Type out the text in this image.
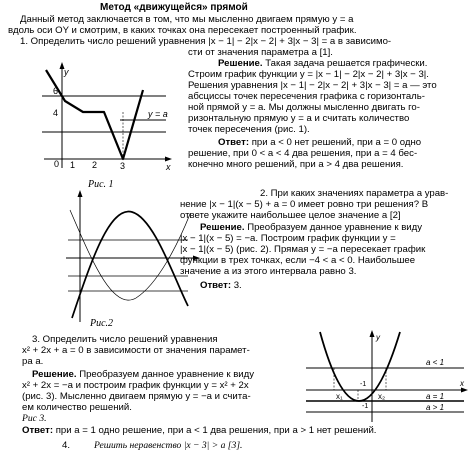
Метод «движущейся» прямой
Данный метод заключается в том, что мы мысленно двигаем прямую y = a
вдоль оси OY и смотрим, в каких точках она пересекает построенный график.
1. Определить число решений уравнения |x − 1| − 2|x − 2| + 3|x − 3| = a в зависимо-
сти от значения параметра a [1].
Решение. Такая задача решается графически.
Строим график функции y = |x − 1| − 2|x − 2| + 3|x − 3|.
Решения уравнения |x − 1| − 2|x − 2| + 3|x − 3| = a — это
абсциссы точек пересечения графика с горизонталь-
ной прямой y = a. Мы должны мысленно двигать го-
ризонтальную прямую y = a и считать количество
точек пересечения (рис. 1).
Ответ: при a < 0 нет решений, при a = 0 одно
решение, при 0 < a < 4 два решения, при a = 4 бес-
конечно много решений, при a > 4 два решения.
y
x
6
4
0 1 2	3
y = a
Рис. 1
Рис.2
2. При каких значениях параметра a урав-
нение |x − 1|(x − 5) + a = 0 имеет ровно три решения? В
ответе укажите наибольшее целое значение a [2]
Решение. Преобразуем данное уравнение к виду
|x − 1|(x − 5) = −a. Построим график функции y =
|x − 1|(x − 5) (рис. 2). Прямая y = −a пересекает график
функции в трех точках, если −4 < a < 0. Наибольшее
значение a из этого интервала равно 3.
Ответ: 3.
3. Определить число решений уравнения
x² + 2x + a = 0 в зависимости от значения парамет-
ра a.
Решение. Преобразуем данное уравнение к виду
x² + 2x = −a и построим график функции y = x² + 2x
(рис. 3). Мысленно двигаем прямую y = −a и считa-
ем количество решений.
Рис 3.
Ответ: при a = 1 одно решение, при a < 1 два решения, при a > 1 нет решений.
4. Решить неравенство |x − 3| > a [3].
y
x
a < 1
a = 1
a > 1
x₁	x₂
-1
-1
